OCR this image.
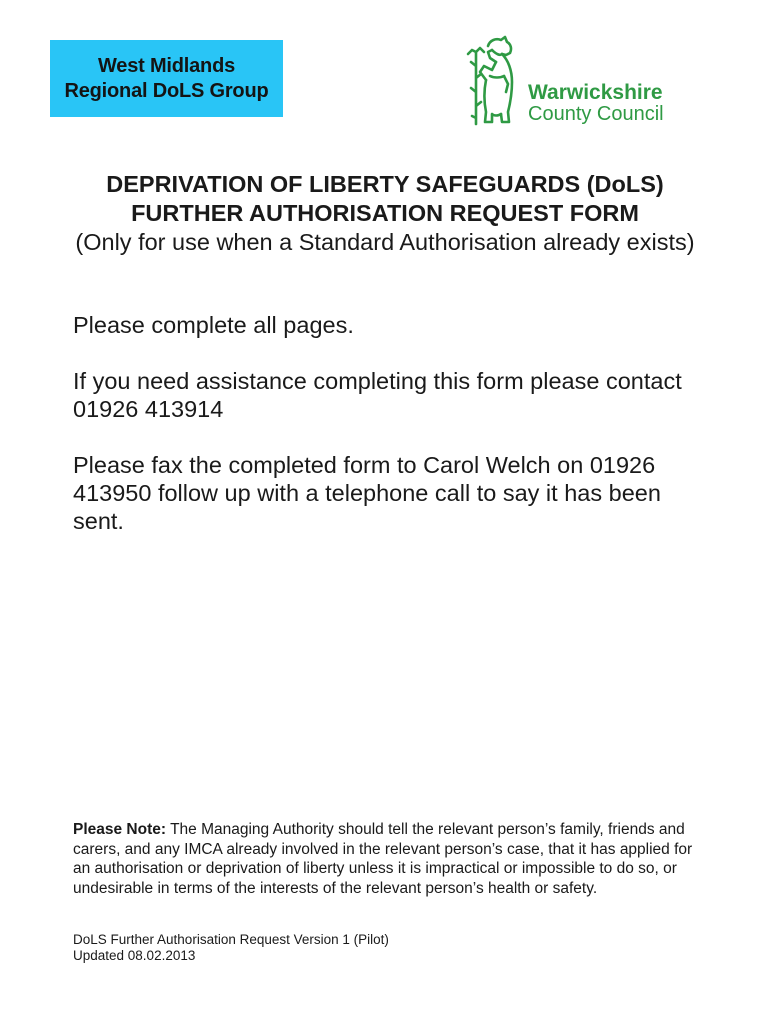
West Midlands
Regional DoLS Group	Warwickshire
County Council
DEPRIVATION OF LIBERTY SAFEGUARDS (DoLS)
FURTHER AUTHORISATION REQUEST FORM
(Only for use when a Standard Authorisation already exists)

Please complete all pages.

If you need assistance completing this form please contact 01926 413914

Please fax the completed form to Carol Welch on 01926 413950 follow up with a telephone call to say it has been sent.

Please Note: The Managing Authority should tell the relevant person’s family, friends and carers, and any IMCA already involved in the relevant person’s case, that it has applied for an authorisation or deprivation of liberty unless it is impractical or impossible to do so, or undesirable in terms of the interests of the relevant person’s health or safety.

DoLS Further Authorisation Request Version 1 (Pilot)
Updated 08.02.2013
